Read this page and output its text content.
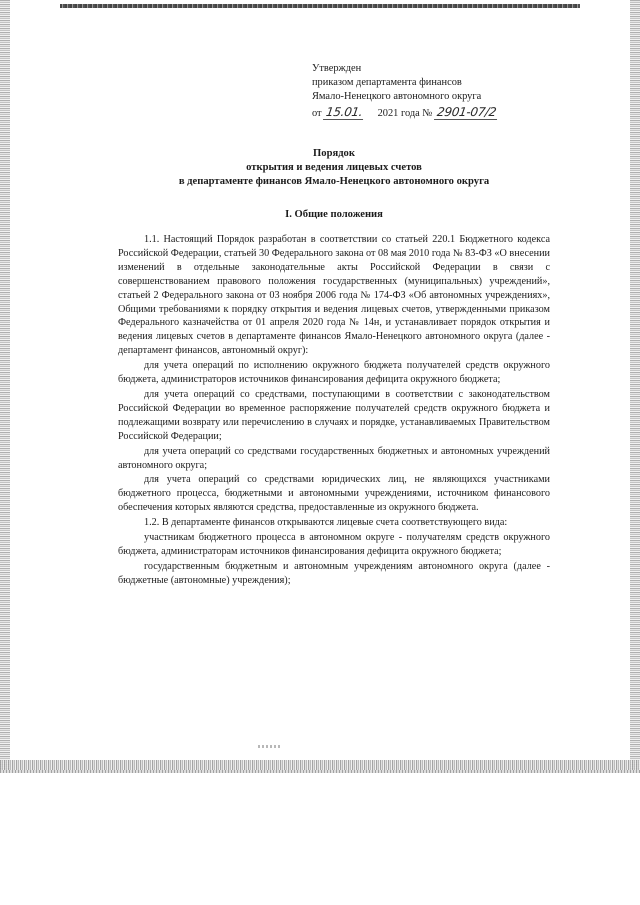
Утвержден
приказом департамента финансов
Ямало-Ненецкого автономного округа
от 15.01. 2021 года № 2901-07/2
Порядок
открытия и ведения лицевых счетов
в департаменте финансов Ямало-Ненецкого автономного округа
I. Общие положения

1.1. Настоящий Порядок разработан в соответствии со статьей 220.1 Бюджетного кодекса Российской Федерации, статьей 30 Федерального закона от 08 мая 2010 года № 83-ФЗ «О внесении изменений в отдельные законодательные акты Российской Федерации в связи с совершенствованием правового положения государственных (муниципальных) учреждений», статьей 2 Федерального закона от 03 ноября 2006 года № 174-ФЗ «Об автономных учреждениях», Общими требованиями к порядку открытия и ведения лицевых счетов, утвержденными приказом Федерального казначейства от 01 апреля 2020 года № 14н, и устанавливает порядок открытия и ведения лицевых счетов в департаменте финансов Ямало-Ненецкого автономного округа (далее - департамент финансов, автономный округ):

для учета операций по исполнению окружного бюджета получателей средств окружного бюджета, администраторов источников финансирования дефицита окружного бюджета;

для учета операций со средствами, поступающими в соответствии с законодательством Российской Федерации во временное распоряжение получателей средств окружного бюджета и подлежащими возврату или перечислению в случаях и порядке, устанавливаемых Правительством Российской Федерации;

для учета операций со средствами государственных бюджетных и автономных учреждений автономного округа;

для учета операций со средствами юридических лиц, не являющихся участниками бюджетного процесса, бюджетными и автономными учреждениями, источником финансового обеспечения которых являются средства, предоставленные из окружного бюджета.

1.2. В департаменте финансов открываются лицевые счета соответствующего вида:

участникам бюджетного процесса в автономном округе - получателям средств окружного бюджета, администраторам источников финансирования дефицита окружного бюджета;

государственным бюджетным и автономным учреждениям автономного округа (далее - бюджетные (автономные) учреждения);
